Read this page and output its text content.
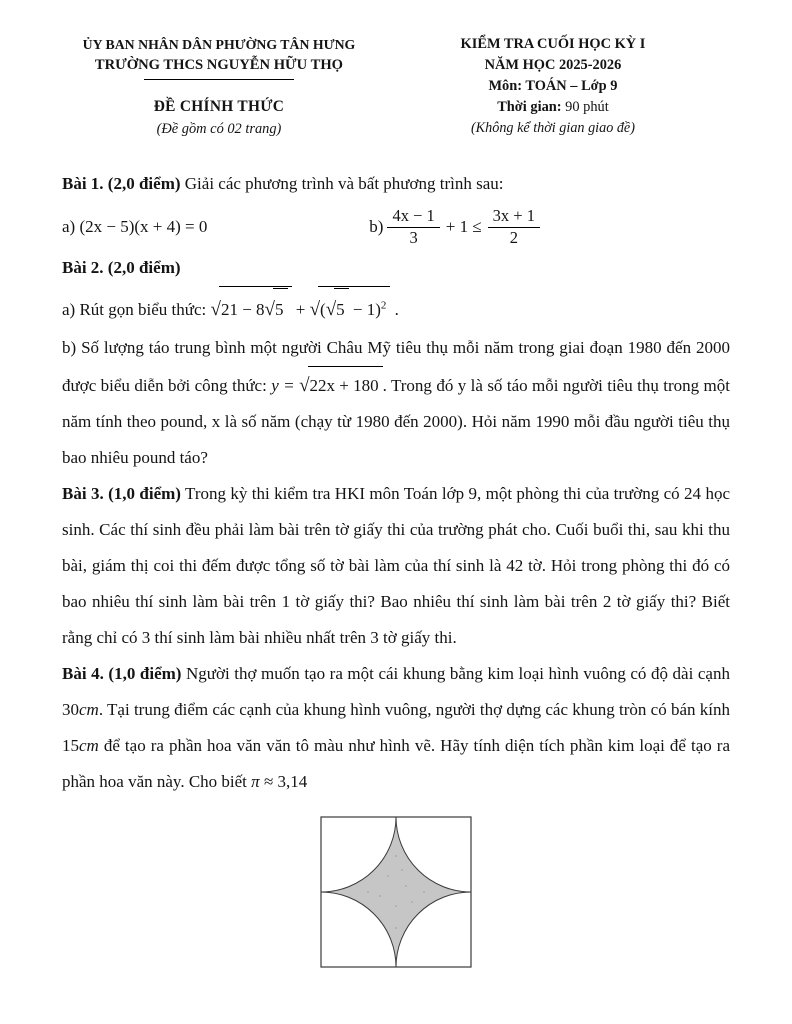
ỦY BAN NHÂN DÂN PHƯỜNG TÂN HƯNG
TRƯỜNG THCS NGUYỄN HỮU THỌ
ĐỀ CHÍNH THỨC
(Đề gồm có 02 trang)
KIỂM TRA CUỐI HỌC KỲ I
NĂM HỌC 2025-2026
Môn: TOÁN – Lớp 9
Thời gian: 90 phút
(Không kể thời gian giao đề)

Bài 1. (2,0 điểm) Giải các phương trình và bất phương trình sau:

a) (2x − 5)(x + 4) = 0	$b) \frac{4x - 1}{3} + 1 \le \frac{3x + 1}{2}$

Bài 2. (2,0 điểm)

a) Rút gọn biểu thức: $√21 - 8√5 + √(√5 - 1)^2$ .

b) Số lượng táo trung bình một người Châu Mỹ tiêu thụ mỗi năm trong giai đoạn 1980 đến 2000 được biểu diễn bởi công thức: y = √22x + 180 . Trong đó y là số táo mỗi người tiêu thụ trong một năm tính theo pound, x là số năm (chạy từ 1980 đến 2000). Hỏi năm 1990 mỗi đầu người tiêu thụ bao nhiêu pound táo?

Bài 3. (1,0 điểm) Trong kỳ thi kiểm tra HKI môn Toán lớp 9, một phòng thi của trường có 24 học sinh. Các thí sinh đều phải làm bài trên tờ giấy thi của trường phát cho. Cuối buổi thi, sau khi thu bài, giám thị coi thi đếm được tổng số tờ bài làm của thí sinh là 42 tờ. Hỏi trong phòng thi đó có bao nhiêu thí sinh làm bài trên 1 tờ giấy thi? Bao nhiêu thí sinh làm bài trên 2 tờ giấy thi? Biết rằng chỉ có 3 thí sinh làm bài nhiều nhất trên 3 tờ giấy thi.

Bài 4. (1,0 điểm) Người thợ muốn tạo ra một cái khung bằng kim loại hình vuông có độ dài cạnh 30cm. Tại trung điểm các cạnh của khung hình vuông, người thợ dựng các khung tròn có bán kính 15cm để tạo ra phần hoa văn văn tô màu như hình vẽ. Hãy tính diện tích phần kim loại để tạo ra phần hoa văn này. Cho biết π ≈ 3,14
